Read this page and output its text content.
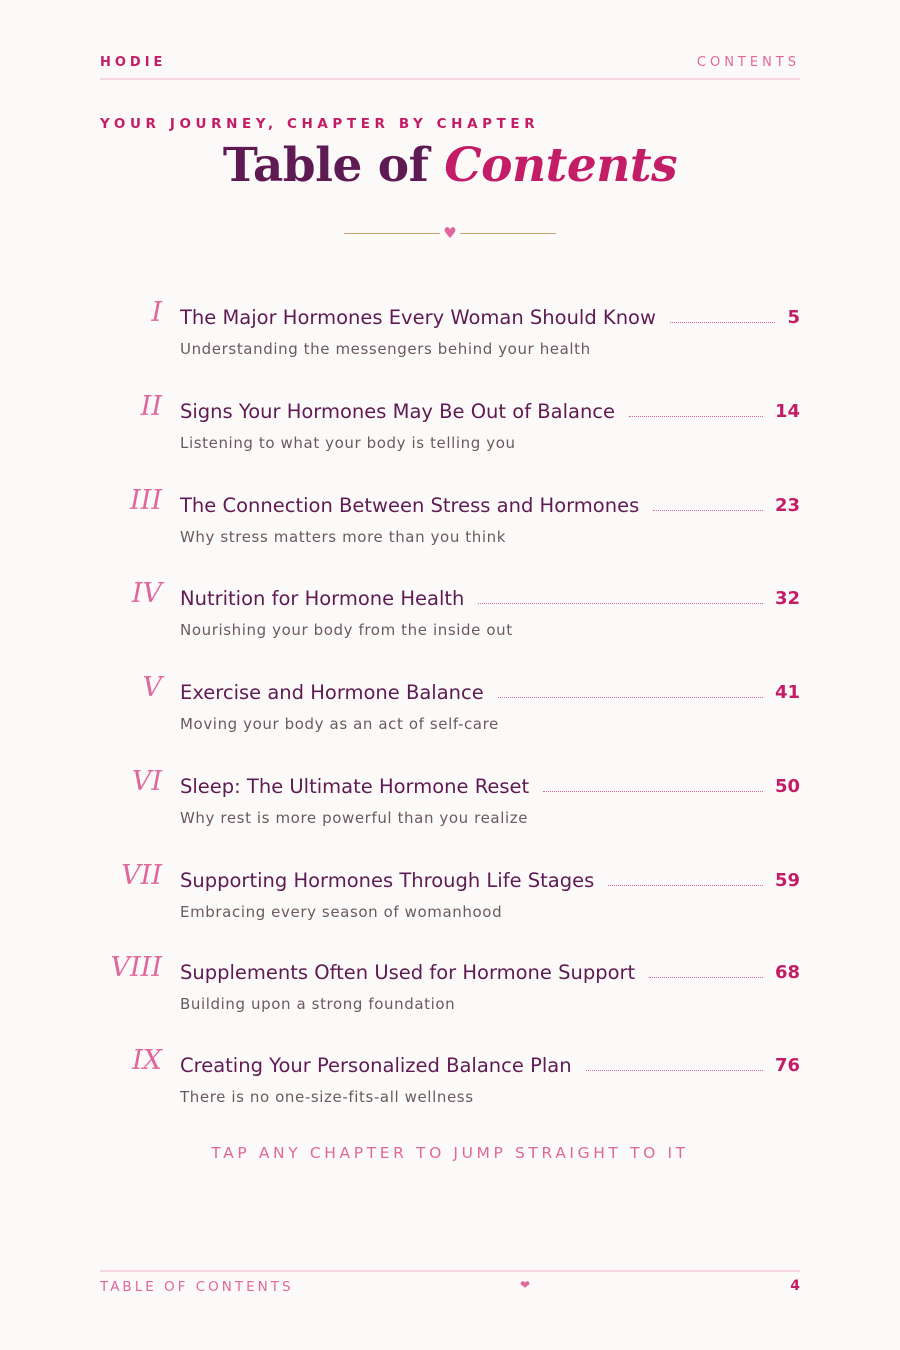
HODIE	CONTENTS
YOUR JOURNEY, CHAPTER BY CHAPTER
Table of Contents
♥
I The Major Hormones Every Woman Should Know	5
Understanding the messengers behind your health
II Signs Your Hormones May Be Out of Balance	14
Listening to what your body is telling you
III The Connection Between Stress and Hormones	23
Why stress matters more than you think
IV Nutrition for Hormone Health	32
Nourishing your body from the inside out
V Exercise and Hormone Balance	41
Moving your body as an act of self-care
VI Sleep: The Ultimate Hormone Reset	50
Why rest is more powerful than you realize
VII Supporting Hormones Through Life Stages	59
Embracing every season of womanhood
VIII Supplements Often Used for Hormone Support	68
Building upon a strong foundation
IX Creating Your Personalized Balance Plan	76
There is no one-size-fits-all wellness
TAP ANY CHAPTER TO JUMP STRAIGHT TO IT
TABLE OF CONTENTS	❤	4
